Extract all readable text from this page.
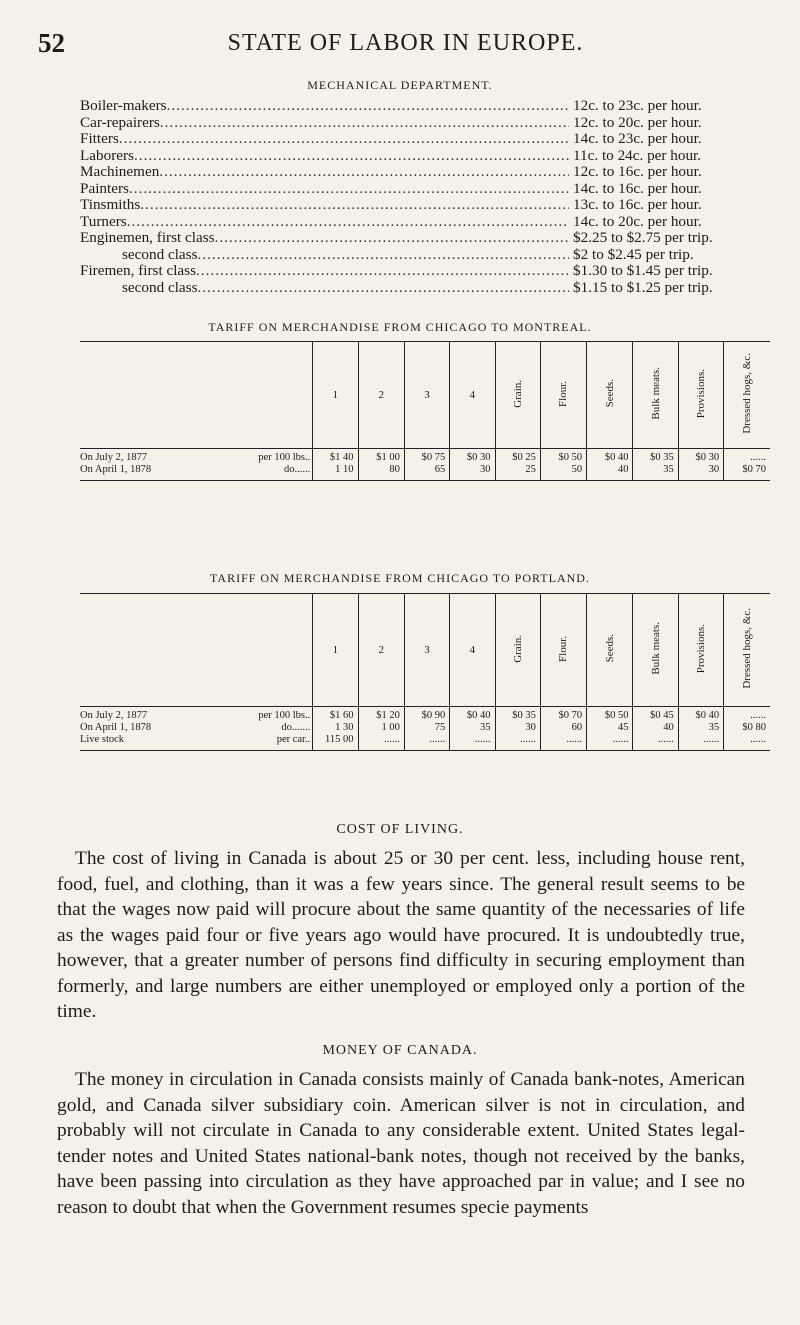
52	STATE OF LABOR IN EUROPE.
MECHANICAL DEPARTMENT.
Boiler-makers .....	12c. to 23c. per hour.
Car-repairers .....	12c. to 20c. per hour.
Fitters .....	14c. to 23c. per hour.
Laborers .....	11c. to 24c. per hour.
Machinemen .....	12c. to 16c. per hour.
Painters .....	14c. to 16c. per hour.
Tinsmiths .....	13c. to 16c. per hour.
Turners .....	14c. to 20c. per hour.
Enginemen, first class .....	$2.25 to $2.75 per trip.
second class .....	$2 to $2.45 per trip.
Firemen, first class .....	$1.30 to $1.45 per trip.
second class .....	$1.15 to $1.25 per trip.
TARIFF ON MERCHANDISE FROM CHICAGO TO MONTREAL.
	1	2	3	4	Grain.	Flour.	Seeds.	Bulk meats.	Provisions.	Dressed hogs, &c.
On July 2, 1877 per 100 lbs..	$1 40	$1 00	$0 75	$0 30	$0 25	$0 50	$0 40	$0 35	$0 30	......
On April 1, 1878 do......	1 10	80	65	30	25	50	40	35	30	$0 70
TARIFF ON MERCHANDISE FROM CHICAGO TO PORTLAND.
	1	2	3	4	Grain.	Flour.	Seeds.	Bulk meats.	Provisions.	Dressed hogs, &c.
On July 2, 1877 per 100 lbs..	$1 60	$1 20	$0 90	$0 40	$0 35	$0 70	$0 50	$0 45	$0 40	......
On April 1, 1878 do.......	1 30	1 00	75	35	30	60	45	40	35	$0 80
Live stock per car..	115 00	......	......	......	......	......	......	......	......	......
COST OF LIVING.

The cost of living in Canada is about 25 or 30 per cent. less, including house rent, food, fuel, and clothing, than it was a few years since. The general result seems to be that the wages now paid will procure about the same quantity of the necessaries of life as the wages paid four or five years ago would have procured. It is undoubtedly true, however, that a greater number of persons find difficulty in securing employment than formerly, and large numbers are either unemployed or employed only a portion of the time.

MONEY OF CANADA.

The money in circulation in Canada consists mainly of Canada bank-notes, American gold, and Canada silver subsidiary coin. American silver is not in circulation, and probably will not circulate in Canada to any considerable extent. United States legal-tender notes and United States national-bank notes, though not received by the banks, have been passing into circulation as they have approached par in value; and I see no reason to doubt that when the Government resumes specie payments
